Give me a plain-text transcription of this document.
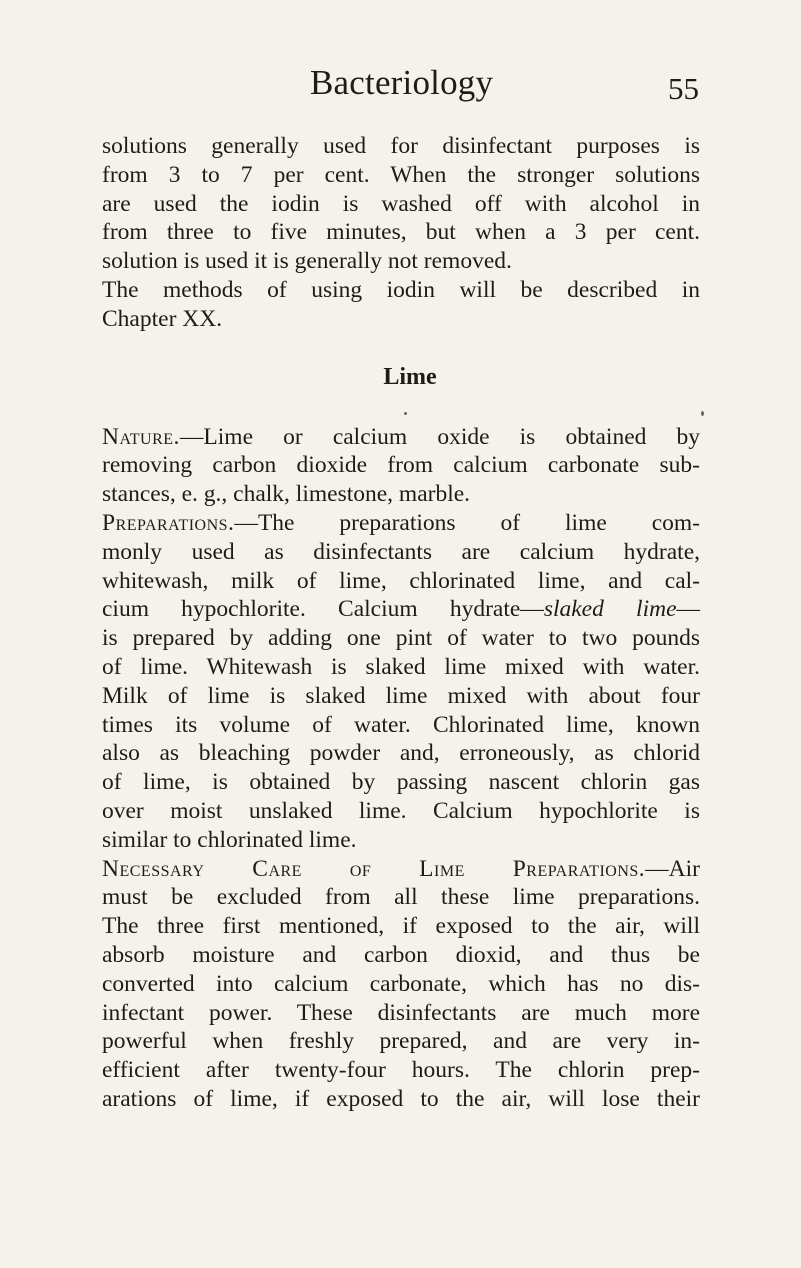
Bacteriology	55
solutions generally used for disinfectant purposes is
from 3 to 7 per cent. When the stronger solutions
are used the iodin is washed off with alcohol in
from three to five minutes, but when a 3 per cent.
solution is used it is generally not removed.
The methods of using iodin will be described in
Chapter XX.
Lime
Nature.—Lime or calcium oxide is obtained by
removing carbon dioxide from calcium carbonate sub-
stances, e. g., chalk, limestone, marble.
Preparations.—The preparations of lime com-
monly used as disinfectants are calcium hydrate,
whitewash, milk of lime, chlorinated lime, and cal-
cium hypochlorite. Calcium hydrate—slaked lime—
is prepared by adding one pint of water to two pounds
of lime. Whitewash is slaked lime mixed with water.
Milk of lime is slaked lime mixed with about four
times its volume of water. Chlorinated lime, known
also as bleaching powder and, erroneously, as chlorid
of lime, is obtained by passing nascent chlorin gas
over moist unslaked lime. Calcium hypochlorite is
similar to chlorinated lime.
Necessary Care of Lime Preparations.—Air
must be excluded from all these lime preparations.
The three first mentioned, if exposed to the air, will
absorb moisture and carbon dioxid, and thus be
converted into calcium carbonate, which has no dis-
infectant power. These disinfectants are much more
powerful when freshly prepared, and are very in-
efficient after twenty-four hours. The chlorin prep-
arations of lime, if exposed to the air, will lose their
